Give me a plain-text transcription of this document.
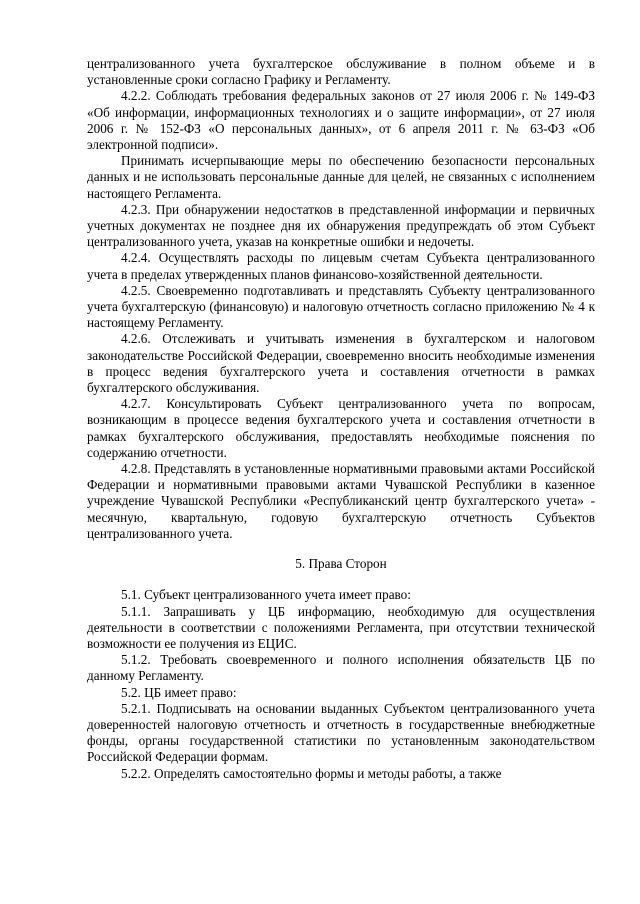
централизованного учета бухгалтерское обслуживание в полном объеме и в установленные сроки согласно Графику и Регламенту.

4.2.2. Соблюдать требования федеральных законов от 27 июля 2006 г. № 149-ФЗ «Об информации, информационных технологиях и о защите информации», от 27 июля 2006 г. № 152-ФЗ «О персональных данных», от 6 апреля 2011 г. № 63-ФЗ «Об электронной подписи».

Принимать исчерпывающие меры по обеспечению безопасности персональных данных и не использовать персональные данные для целей, не связанных с исполнением настоящего Регламента.

4.2.3. При обнаружении недостатков в представленной информации и первичных учетных документах не позднее дня их обнаружения предупреждать об этом Субъект централизованного учета, указав на конкретные ошибки и недочеты.

4.2.4. Осуществлять расходы по лицевым счетам Субъекта централизованного учета в пределах утвержденных планов финансово-хозяйственной деятельности.

4.2.5. Своевременно подготавливать и представлять Субъекту централизованного учета бухгалтерскую (финансовую) и налоговую отчетность согласно приложению № 4 к настоящему Регламенту.

4.2.6. Отслеживать и учитывать изменения в бухгалтерском и налоговом законодательстве Российской Федерации, своевременно вносить необходимые изменения в процесс ведения бухгалтерского учета и составления отчетности в рамках бухгалтерского обслуживания.

4.2.7. Консультировать Субъект централизованного учета по вопросам, возникающим в процессе ведения бухгалтерского учета и составления отчетности в рамках бухгалтерского обслуживания, предоставлять необходимые пояснения по содержанию отчетности.

4.2.8. Представлять в установленные нормативными правовыми актами Российской Федерации и нормативными правовыми актами Чувашской Республики в казенное учреждение Чувашской Республики «Республиканский центр бухгалтерского учета» - месячную, квартальную, годовую бухгалтерскую отчетность Субъектов централизованного учета.

5. Права Сторон

5.1. Субъект централизованного учета имеет право:

5.1.1. Запрашивать у ЦБ информацию, необходимую для осуществления деятельности в соответствии с положениями Регламента, при отсутствии технической возможности ее получения из ЕЦИС.

5.1.2. Требовать своевременного и полного исполнения обязательств ЦБ по данному Регламенту.

5.2. ЦБ имеет право:

5.2.1. Подписывать на основании выданных Субъектом централизованного учета доверенностей налоговую отчетность и отчетность в государственные внебюджетные фонды, органы государственной статистики по установленным законодательством Российской Федерации формам.

5.2.2. Определять самостоятельно формы и методы работы, а также
